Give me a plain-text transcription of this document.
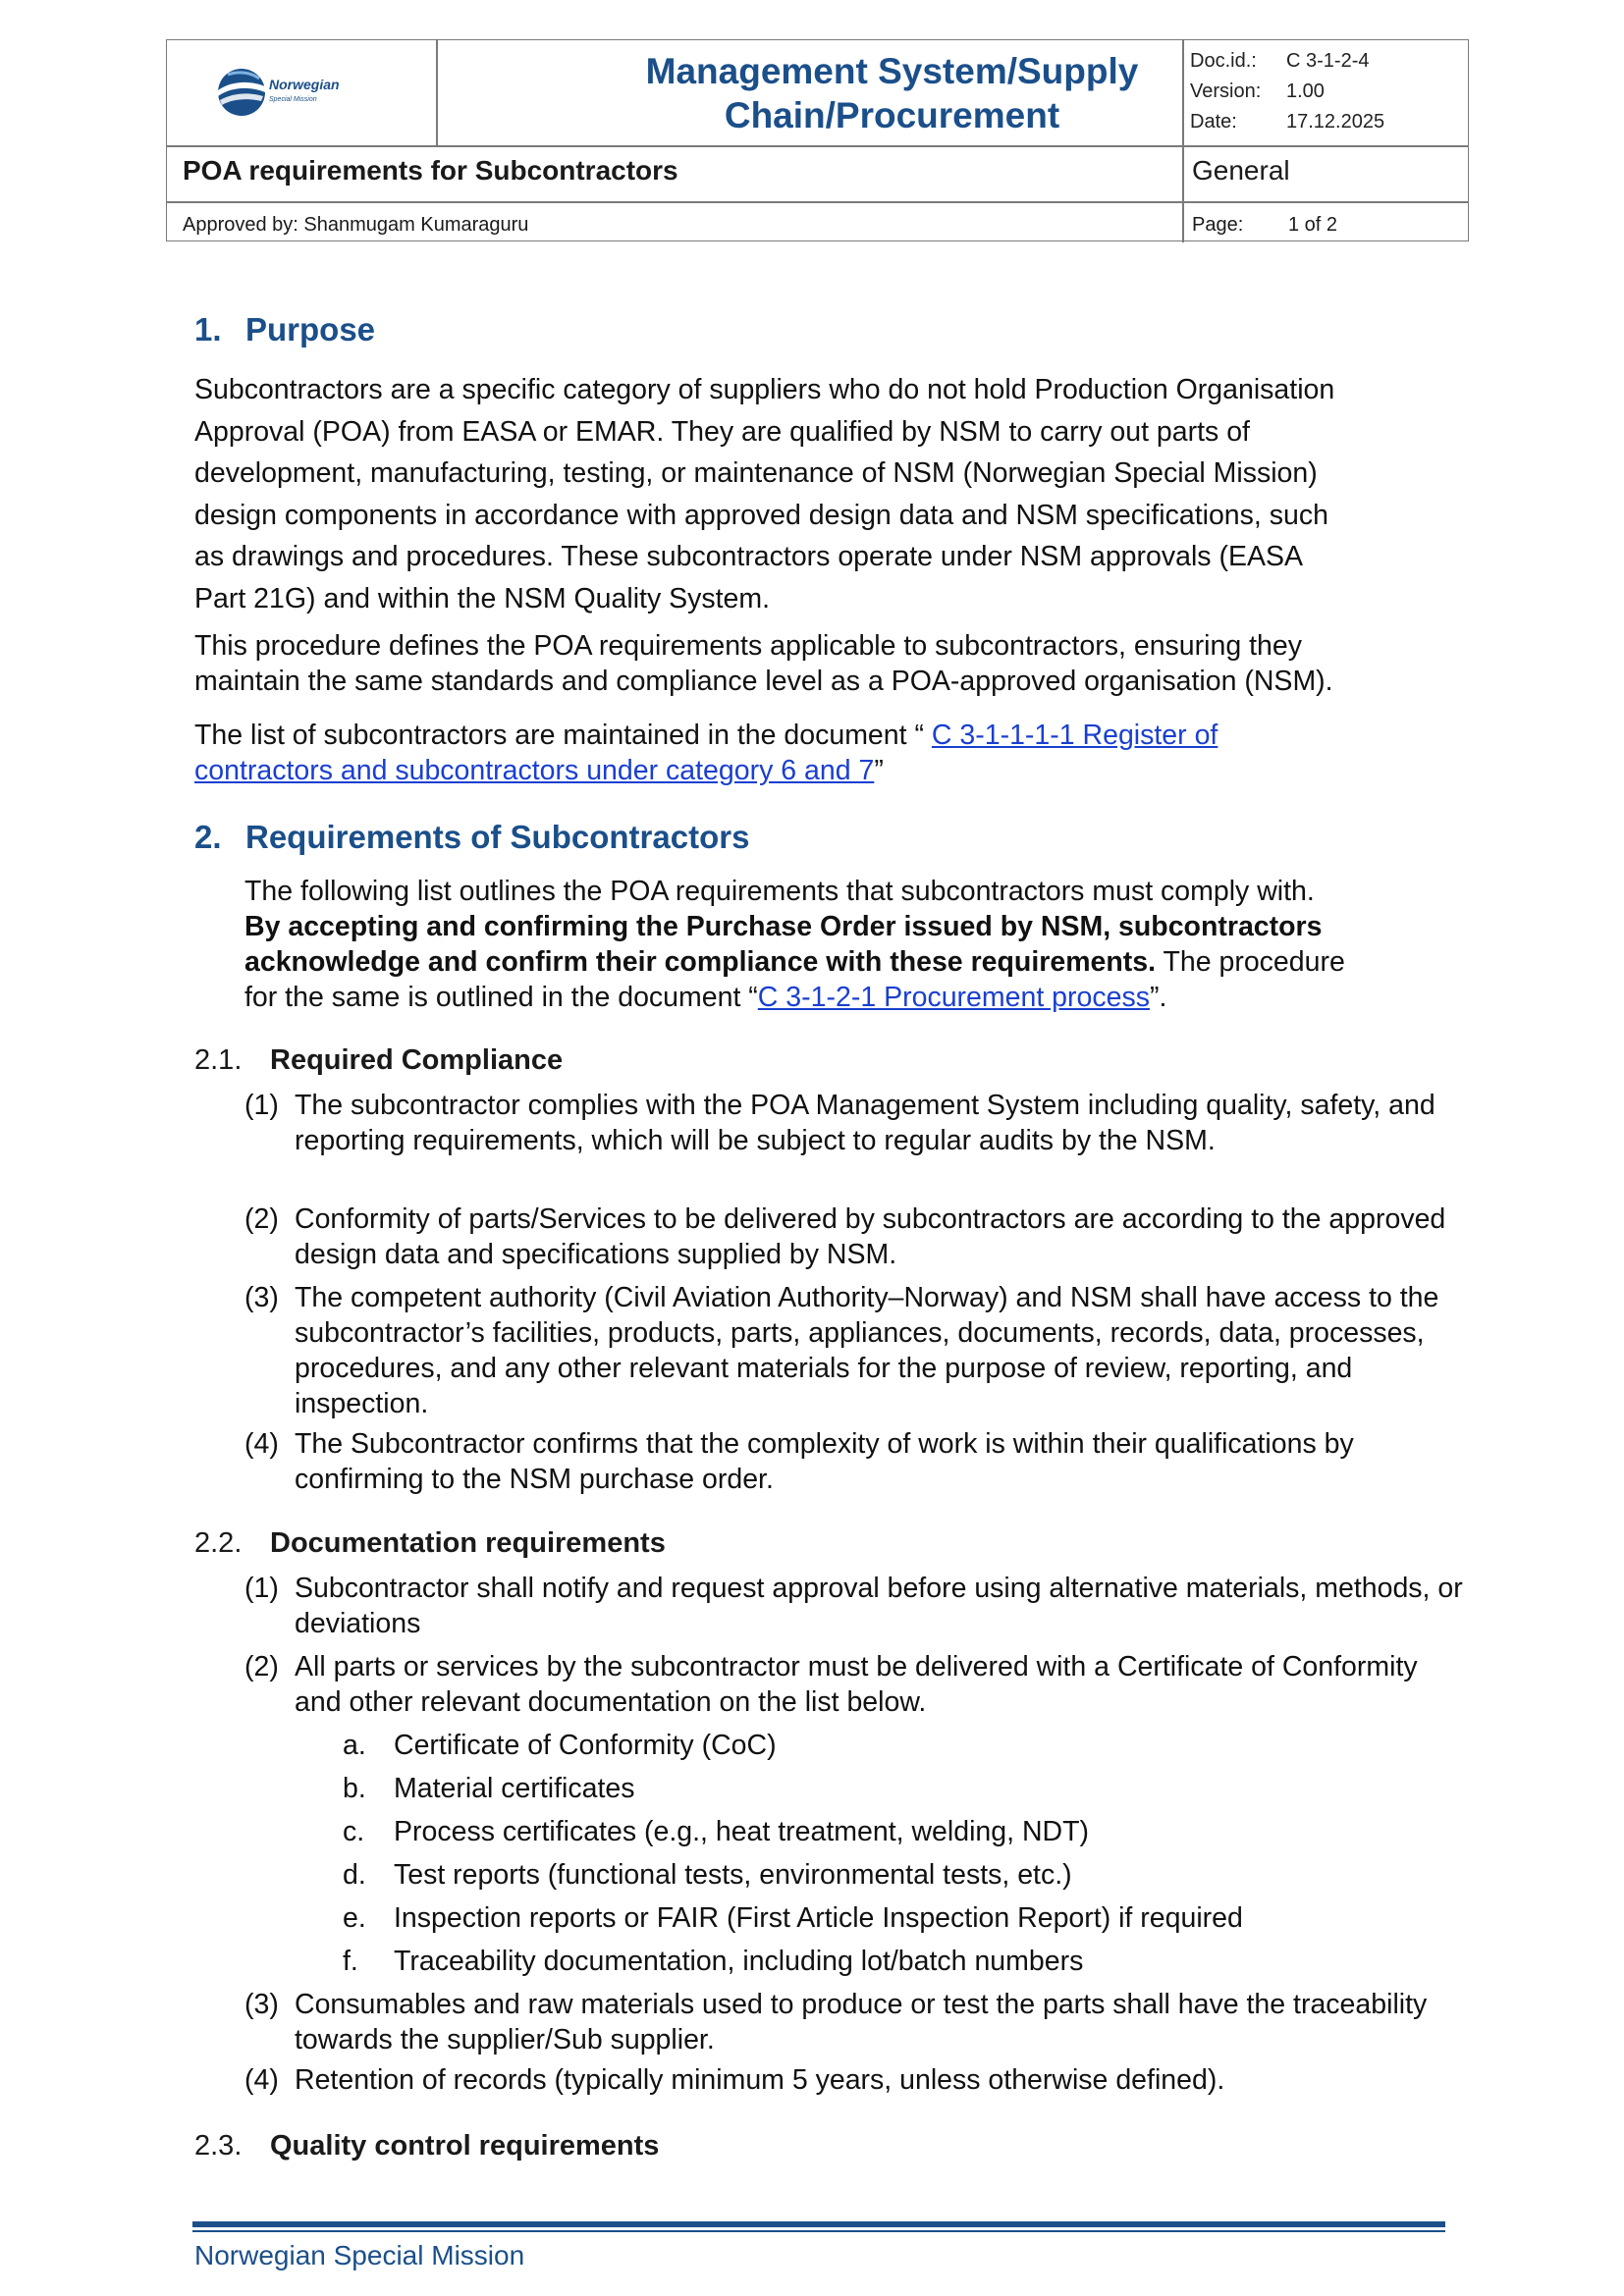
Norwegian
Special Mission
Management System/Supply Chain/Procurement
Doc.id.:	C 3-1-2-4
Version:	1.00
Date:	17.12.2025
POA requirements for Subcontractors	General
Approved by: Shanmugam Kumaraguru	Page: 1 of 2
1. Purpose
Subcontractors are a specific category of suppliers who do not hold Production Organisation
Approval (POA) from EASA or EMAR. They are qualified by NSM to carry out parts of
development, manufacturing, testing, or maintenance of NSM (Norwegian Special Mission)
design components in accordance with approved design data and NSM specifications, such
as drawings and procedures. These subcontractors operate under NSM approvals (EASA
Part 21G) and within the NSM Quality System.
This procedure defines the POA requirements applicable to subcontractors, ensuring they
maintain the same standards and compliance level as a POA-approved organisation (NSM).
The list of subcontractors are maintained in the document “ C 3-1-1-1-1 Register of
contractors and subcontractors under category 6 and 7”
2. Requirements of Subcontractors
The following list outlines the POA requirements that subcontractors must comply with.
By accepting and confirming the Purchase Order issued by NSM, subcontractors
acknowledge and confirm their compliance with these requirements. The procedure
for the same is outlined in the document “C 3-1-2-1 Procurement process”.
2.1. Required Compliance
(1) The subcontractor complies with the POA Management System including quality, safety, and reporting requirements, which will be subject to regular audits by the NSM.
(2) Conformity of parts/Services to be delivered by subcontractors are according to the approved design data and specifications supplied by NSM.
(3) The competent authority (Civil Aviation Authority–Norway) and NSM shall have access to the subcontractor’s facilities, products, parts, appliances, documents, records, data, processes, procedures, and any other relevant materials for the purpose of review, reporting, and inspection.
(4) The Subcontractor confirms that the complexity of work is within their qualifications by confirming to the NSM purchase order.
2.2. Documentation requirements
(1) Subcontractor shall notify and request approval before using alternative materials, methods, or deviations
(2) All parts or services by the subcontractor must be delivered with a Certificate of Conformity and other relevant documentation on the list below.
a. Certificate of Conformity (CoC)
b. Material certificates
c. Process certificates (e.g., heat treatment, welding, NDT)
d. Test reports (functional tests, environmental tests, etc.)
e. Inspection reports or FAIR (First Article Inspection Report) if required
f. Traceability documentation, including lot/batch numbers
(3) Consumables and raw materials used to produce or test the parts shall have the traceability towards the supplier/Sub supplier.
(4) Retention of records (typically minimum 5 years, unless otherwise defined).
2.3. Quality control requirements
Norwegian Special Mission
